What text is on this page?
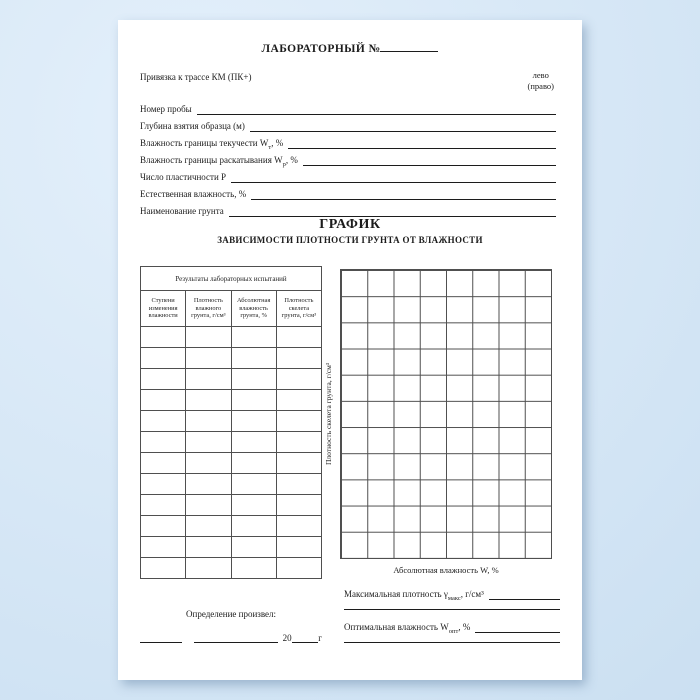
ЛАБОРАТОРНЫЙ №
Привязка к трассе КМ (ПК+)	лево
(право)
Номер пробы
Глубина взятия образца (м)
Влажность границы текучести $W_т$, %
Влажность границы раскатывания $W_р$, %
Число пластичности Р
Естественная влажность, %
Наименование грунта
ГРАФИК
ЗАВИСИМОСТИ ПЛОТНОСТИ ГРУНТА ОТ ВЛАЖНОСТИ
Результаты лабораторных испытаний			
Ступени изменения влажности	Плотность влажного грунта, г/см³	Абсолютная влажность грунта, %	Плотность скелета грунта, г/см³

Плотность скелета грунта, г/см³
Абсолютная влажность W, %
Максимальная плотность $\gamma_{макс}$, г/см³
Оптимальная влажность $W_{опт}$, %
Определение произвел:
20	г
